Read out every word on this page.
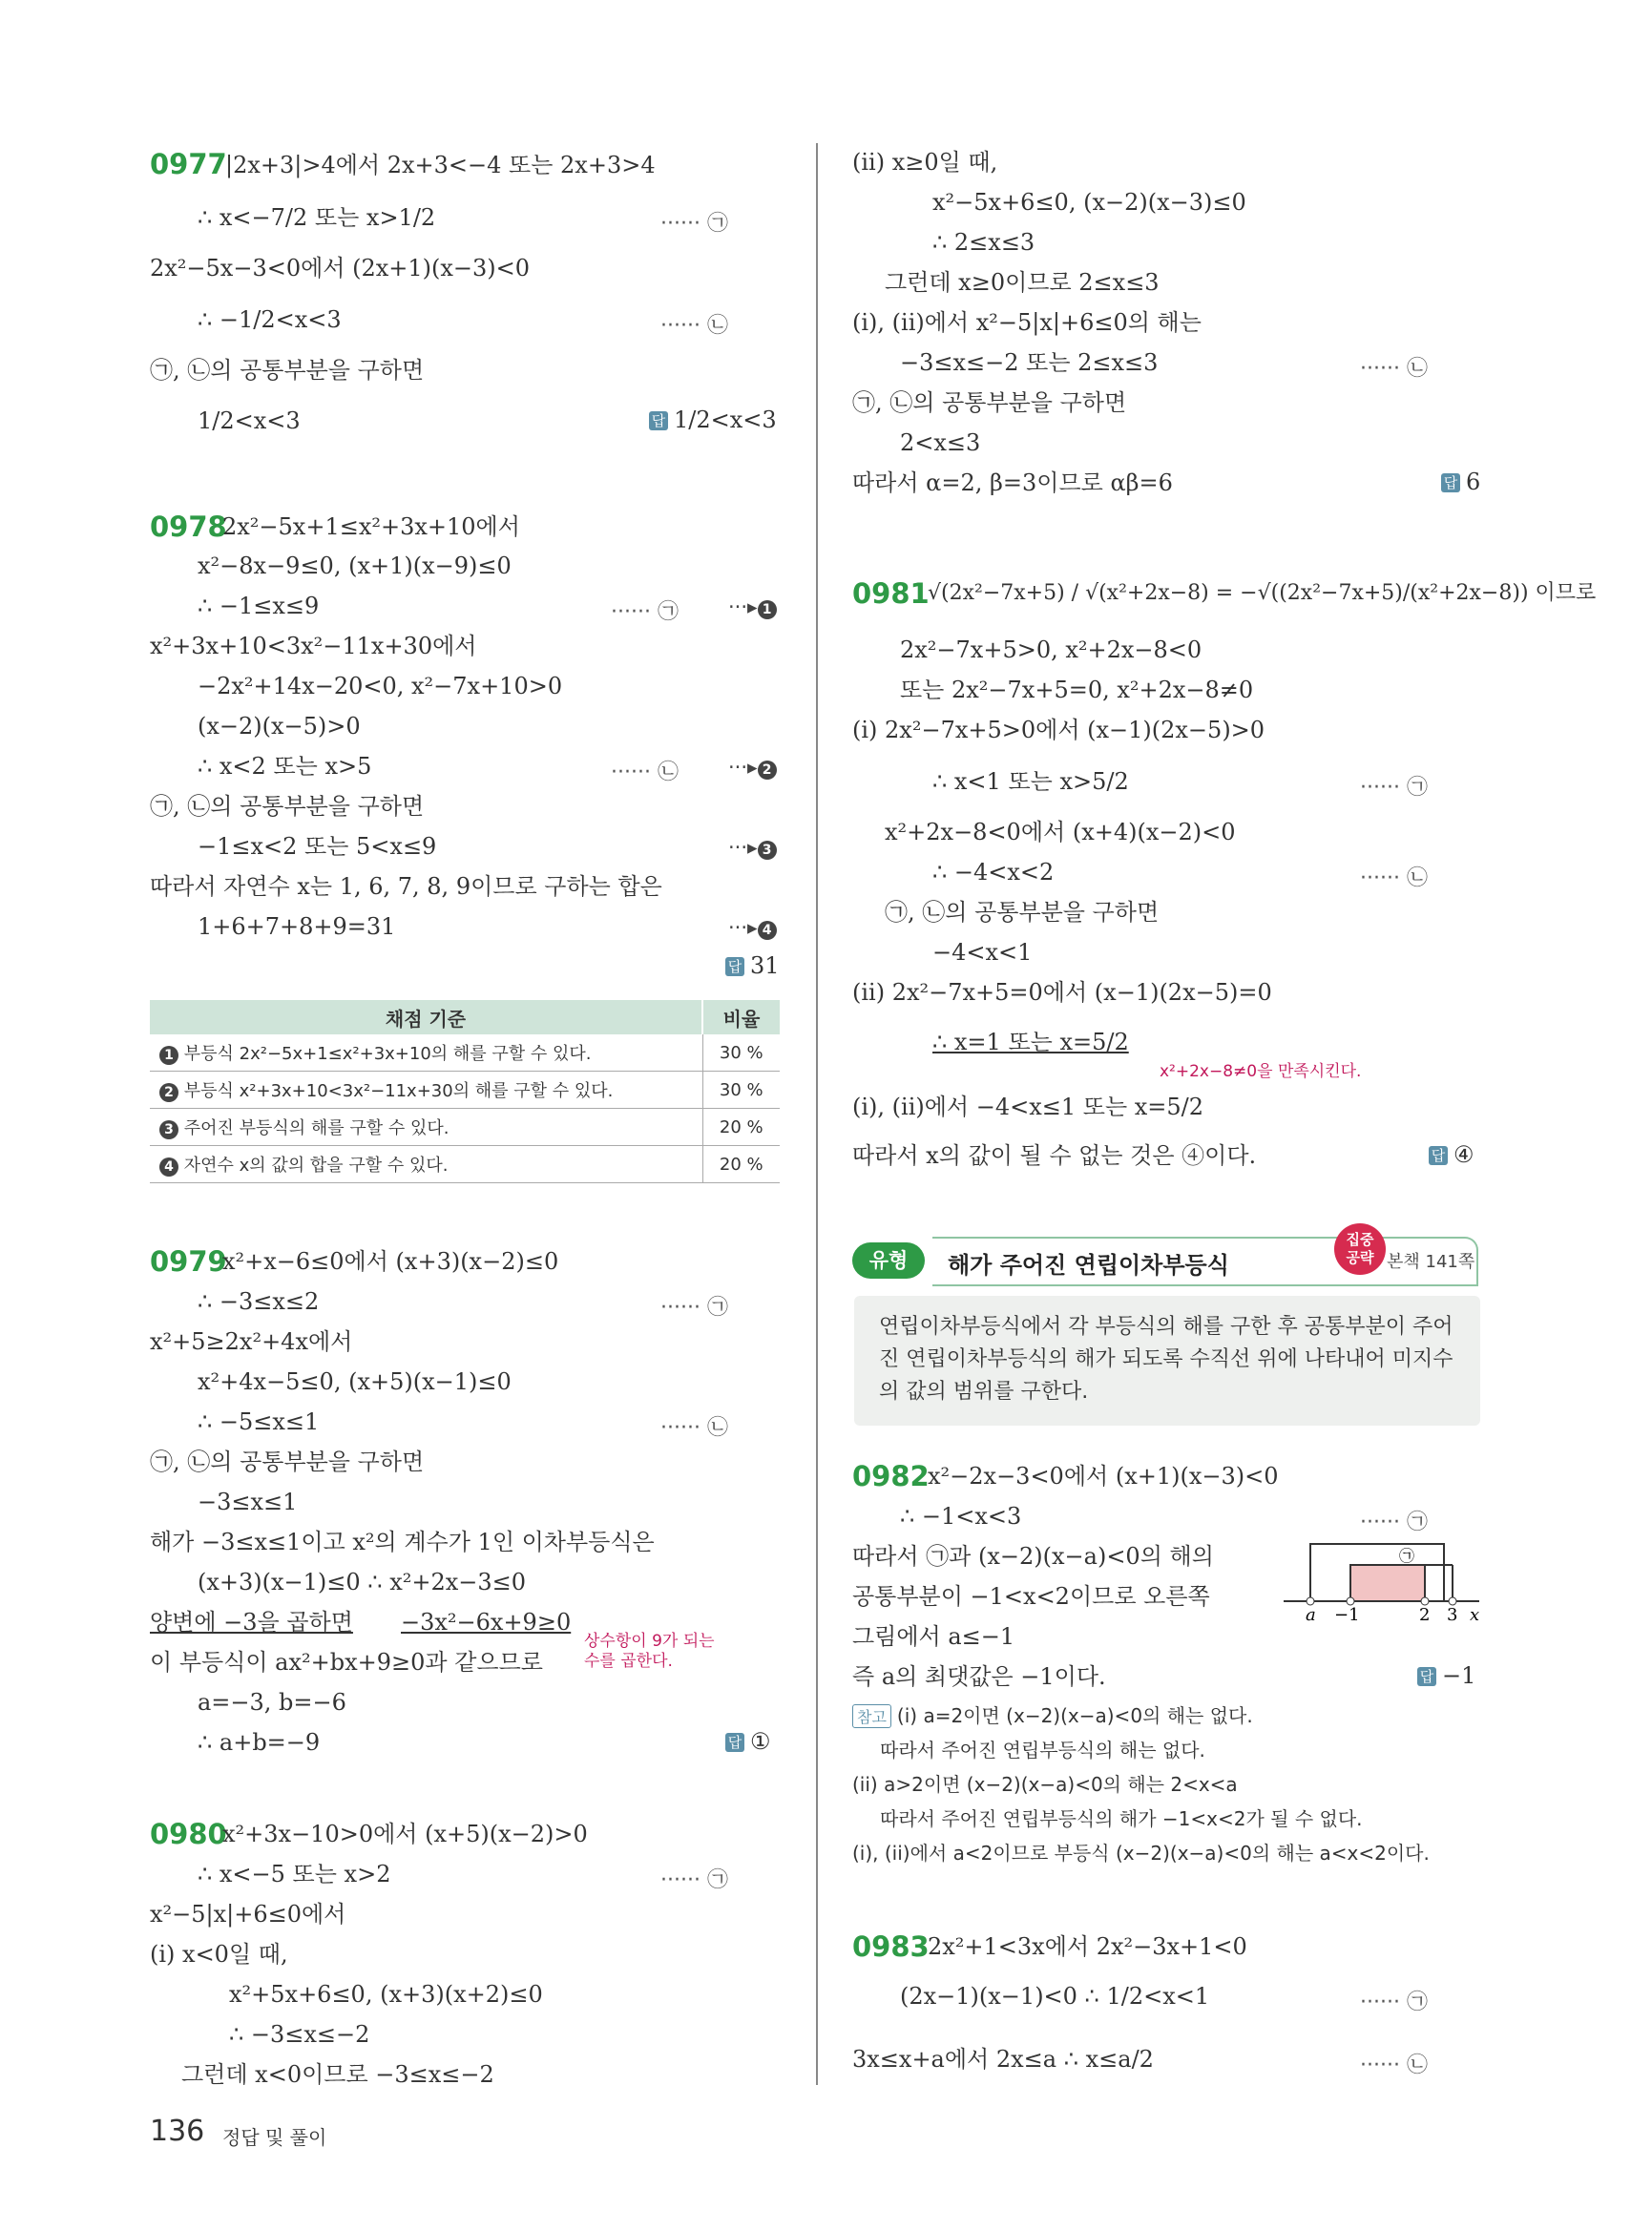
0977
|2x+3|>4에서 2x+3<−4 또는 2x+3>4
∴ x<−7/2 또는 x>1/2	······ ㉠
2x²−5x−3<0에서 (2x+1)(x−3)<0
∴ −1/2<x<3	······ ㉡
㉠, ㉡의 공통부분을 구하면
1/2<x<3	답 1/2<x<3
0978
2x²−5x+1≤x²+3x+10에서
x²−8x−9≤0, (x+1)(x−9)≤0
∴ −1≤x≤9	······ ㉠ ···▸ 1
x²+3x+10<3x²−11x+30에서
−2x²+14x−20<0, x²−7x+10>0
(x−2)(x−5)>0
∴ x<2 또는 x>5	······ ㉡ ···▸ 2
㉠, ㉡의 공통부분을 구하면
−1≤x<2 또는 5<x≤9	···▸ 3
따라서 자연수 x는 1, 6, 7, 8, 9이므로 구하는 합은
1+6+7+8+9=31	···▸ 4
답 31
채점 기준	비율
1 부등식 2x²−5x+1≤x²+3x+10의 해를 구할 수 있다.	30 %
2 부등식 x²+3x+10<3x²−11x+30의 해를 구할 수 있다.	30 %
3 주어진 부등식의 해를 구할 수 있다.	20 %
4 자연수 x의 값의 합을 구할 수 있다.	20 %
0979
x²+x−6≤0에서 (x+3)(x−2)≤0
∴ −3≤x≤2	······ ㉠
x²+5≥2x²+4x에서
x²+4x−5≤0, (x+5)(x−1)≤0
∴ −5≤x≤1	······ ㉡
㉠, ㉡의 공통부분을 구하면
−3≤x≤1
해가 −3≤x≤1이고 x²의 계수가 1인 이차부등식은
(x+3)(x−1)≤0 ∴ x²+2x−3≤0
양변에 −3을 곱하면 −3x²−6x+9≥0
상수항이 9가 되는
수를 곱한다.
이 부등식이 ax²+bx+9≥0과 같으므로
a=−3, b=−6
∴ a+b=−9	답 ①
0980
x²+3x−10>0에서 (x+5)(x−2)>0
∴ x<−5 또는 x>2	······ ㉠
x²−5|x|+6≤0에서
(i) x<0일 때,
x²+5x+6≤0, (x+3)(x+2)≤0
∴ −3≤x≤−2
그런데 x<0이므로 −3≤x≤−2
(ii) x≥0일 때,
x²−5x+6≤0, (x−2)(x−3)≤0
∴ 2≤x≤3
그런데 x≥0이므로 2≤x≤3
(i), (ii)에서 x²−5|x|+6≤0의 해는
−3≤x≤−2 또는 2≤x≤3	······ ㉡
㉠, ㉡의 공통부분을 구하면
2<x≤3
따라서 α=2, β=3이므로 αβ=6	답 6
0981
√(2x²−7x+5) / √(x²+2x−8) = −√((2x²−7x+5)/(x²+2x−8)) 이므로
2x²−7x+5>0, x²+2x−8<0
또는 2x²−7x+5=0, x²+2x−8≠0
(i) 2x²−7x+5>0에서 (x−1)(2x−5)>0
∴ x<1 또는 x>5/2	······ ㉠
x²+2x−8<0에서 (x+4)(x−2)<0
∴ −4<x<2	······ ㉡
㉠, ㉡의 공통부분을 구하면
−4<x<1
(ii) 2x²−7x+5=0에서 (x−1)(2x−5)=0
∴ x=1 또는 x=5/2
x²+2x−8≠0을 만족시킨다.
(i), (ii)에서 −4<x≤1 또는 x=5/2
따라서 x의 값이 될 수 없는 것은 ④이다.	답 ④
유형	해가 주어진 연립이차부등식
집중
공략 본책 141쪽
연립이차부등식에서 각 부등식의 해를 구한 후 공통부분이 주어진 연립이차부등식의 해가 되도록 수직선 위에 나타내어 미지수의 값의 범위를 구한다.
0982
x²−2x−3<0에서 (x+1)(x−3)<0
∴ −1<x<3	······ ㉠
따라서 ㉠과 (x−2)(x−a)<0의 해의
공통부분이 −1<x<2이므로 오른쪽
그림에서 a≤−1
즉 a의 최댓값은 −1이다.	답 −1
a −1	2 3 x
㉠
참고 (i) a=2이면 (x−2)(x−a)<0의 해는 없다.
따라서 주어진 연립부등식의 해는 없다.
(ii) a>2이면 (x−2)(x−a)<0의 해는 2<x<a
따라서 주어진 연립부등식의 해가 −1<x<2가 될 수 없다.
(i), (ii)에서 a<2이므로 부등식 (x−2)(x−a)<0의 해는 a<x<2이다.
0983
2x²+1<3x에서 2x²−3x+1<0
(2x−1)(x−1)<0 ∴ 1/2<x<1	······ ㉠
3x≤x+a에서 2x≤a ∴ x≤a/2	······ ㉡
136 정답 및 풀이
